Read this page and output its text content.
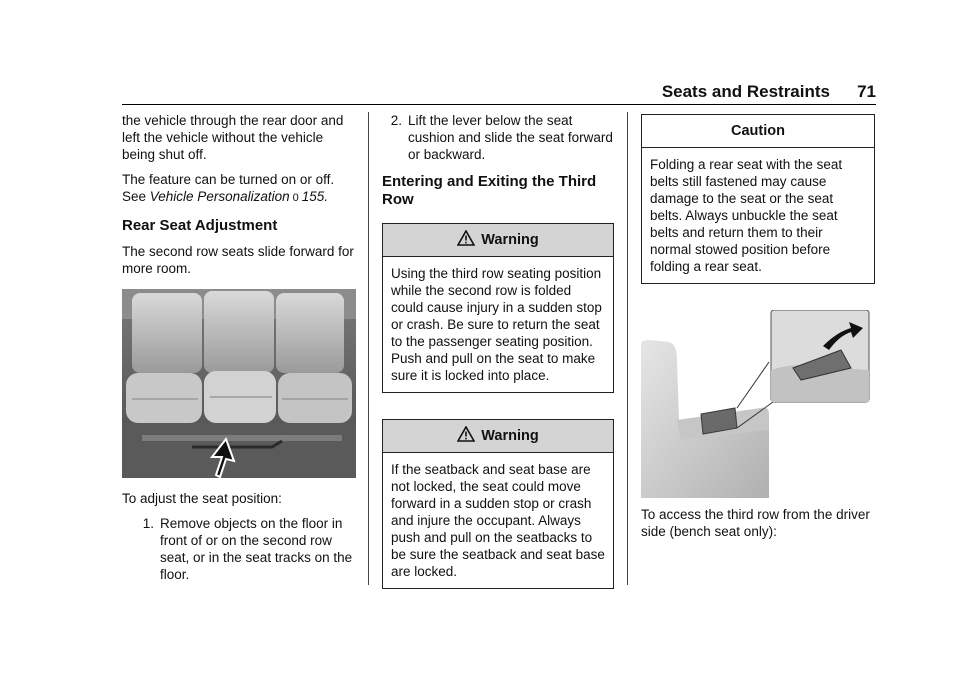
Seats and Restraints	71

the vehicle through the rear door and left the vehicle without the vehicle being shut off.

The feature can be turned on or off. See Vehicle Personalization 0 155.

Rear Seat Adjustment

The second row seats slide forward for more room.

To adjust the seat position:

1. Remove objects on the floor in front of or on the second row seat, or in the seat tracks on the floor.
2. Lift the lever below the seat cushion and slide the seat forward or backward.
Entering and Exiting the Third Row
Warning
Using the third row seating position while the second row is folded could cause injury in a sudden stop or crash. Be sure to return the seat to the passenger seating position. Push and pull on the seat to make sure it is locked into place.
Warning
If the seatback and seat base are not locked, the seat could move forward in a sudden stop or crash and injure the occupant. Always push and pull on the seatbacks to be sure the seatback and seat base are locked.
Caution
Folding a rear seat with the seat belts still fastened may cause damage to the seat or the seat belts. Always unbuckle the seat belts and return them to their normal stowed position before folding a rear seat.

To access the third row from the driver side (bench seat only):
